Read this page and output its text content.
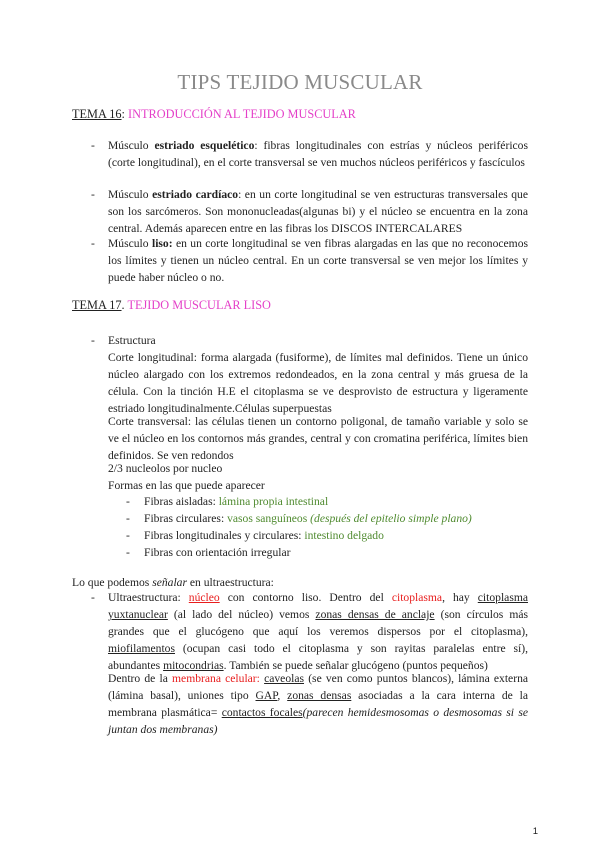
TIPS TEJIDO MUSCULAR
TEMA 16: INTRODUCCIÓN AL TEJIDO MUSCULAR
- Músculo estriado esquelético: fibras longitudinales con estrías y núcleos periféricos (corte longitudinal), en el corte transversal se ven muchos núcleos periféricos y fascículos
- Músculo estriado cardíaco: en un corte longitudinal se ven estructuras transversales que son los sarcómeros. Son mononucleadas(algunas bi) y el núcleo se encuentra en la zona central. Además aparecen entre en las fibras los DISCOS INTERCALARES
- Músculo liso: en un corte longitudinal se ven fibras alargadas en las que no reconocemos los límites y tienen un núcleo central. En un corte transversal se ven mejor los límites y puede haber núcleo o no.
TEMA 17. TEJIDO MUSCULAR LISO
- Estructura
Corte longitudinal: forma alargada (fusiforme), de límites mal definidos. Tiene un único núcleo alargado con los extremos redondeados, en la zona central y más gruesa de la célula. Con la tinción H.E el citoplasma se ve desprovisto de estructura y ligeramente estriado longitudinalmente.Células superpuestas
Corte transversal: las células tienen un contorno poligonal, de tamaño variable y solo se ve el núcleo en los contornos más grandes, central y con cromatina periférica, límites bien definidos. Se ven redondos
2/3 nucleolos por nucleo
Formas en las que puede aparecer
- Fibras aisladas: lámina propia intestinal
- Fibras circulares: vasos sanguíneos (después del epitelio simple plano)
- Fibras longitudinales y circulares: intestino delgado
- Fibras con orientación irregular
Lo que podemos señalar en ultraestructura:
- Ultraestructura: núcleo con contorno liso. Dentro del citoplasma, hay citoplasma yuxtanuclear (al lado del núcleo) vemos zonas densas de anclaje (son círculos más grandes que el glucógeno que aquí los veremos dispersos por el citoplasma), miofilamentos (ocupan casi todo el citoplasma y son rayitas paralelas entre sí), abundantes mitocondrias. También se puede señalar glucógeno (puntos pequeños)
Dentro de la membrana celular: caveolas (se ven como puntos blancos), lámina externa (lámina basal), uniones tipo GAP, zonas densas asociadas a la cara interna de la membrana plasmática= contactos focales(parecen hemidesmosomas o desmosomas si se juntan dos membranas)
1
